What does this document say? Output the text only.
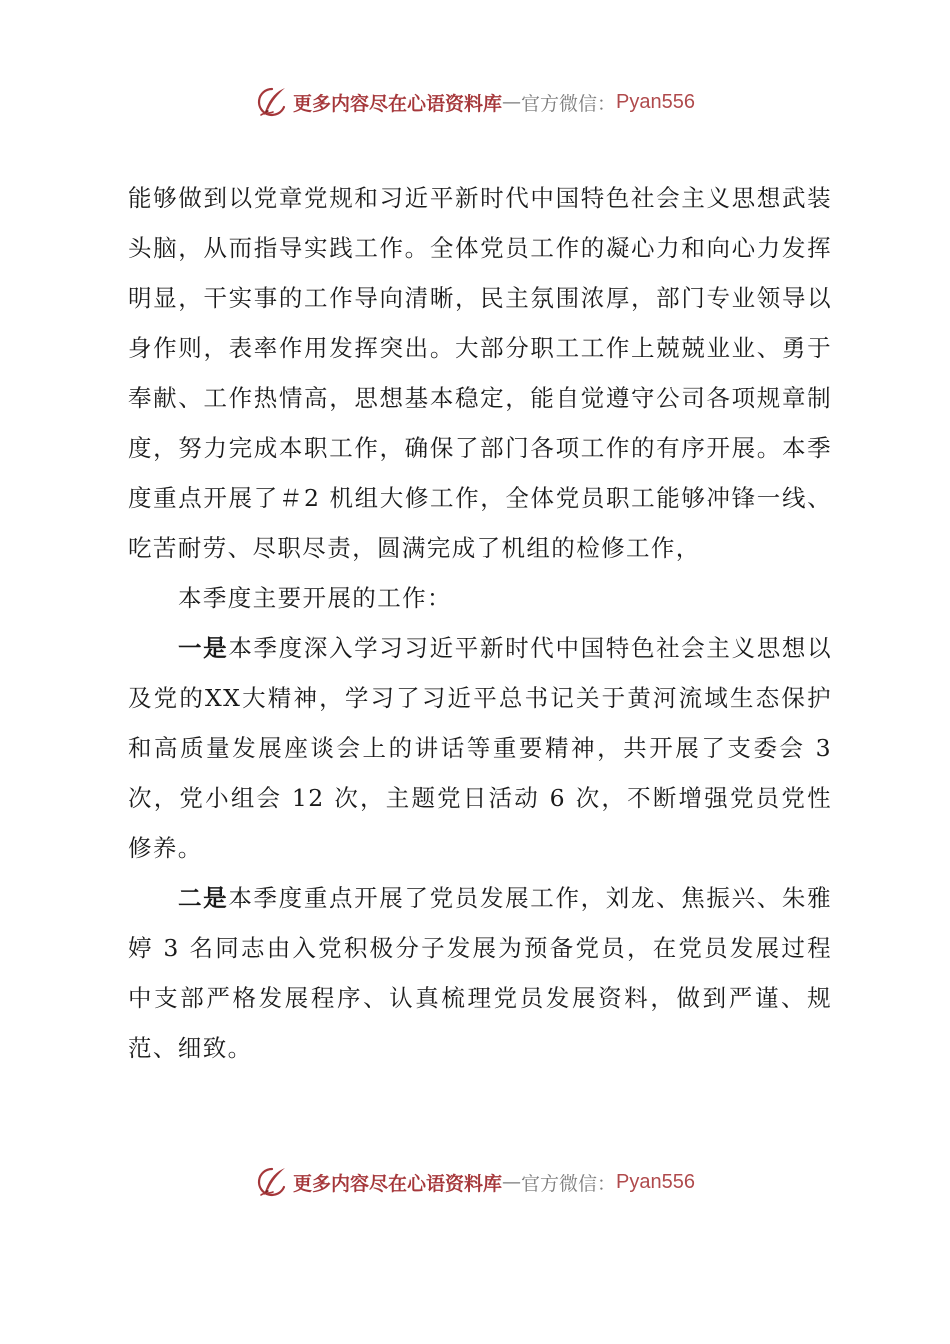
更多内容尽在心语资料库 — 官方微信： Pyan556

能够做到以党章党规和习近平新时代中国特色社会主义思想武装头脑，从而指导实践工作。全体党员工作的凝心力和向心力发挥明显，干实事的工作导向清晰，民主氛围浓厚，部门专业领导以身作则，表率作用发挥突出。大部分职工工作上兢兢业业、勇于奉献、工作热情高，思想基本稳定，能自觉遵守公司各项规章制度，努力完成本职工作，确保了部门各项工作的有序开展。本季度重点开展了＃2 机组大修工作，全体党员职工能够冲锋一线、吃苦耐劳、尽职尽责，圆满完成了机组的检修工作，

本季度主要开展的工作：

一是本季度深入学习习近平新时代中国特色社会主义思想以及党的XX大精神，学习了习近平总书记关于黄河流域生态保护和高质量发展座谈会上的讲话等重要精神，共开展了支委会 3 次，党小组会 12 次，主题党日活动 6 次，不断增强党员党性修养。

二是本季度重点开展了党员发展工作，刘龙、焦振兴、朱雅婷 3 名同志由入党积极分子发展为预备党员，在党员发展过程中支部严格发展程序、认真梳理党员发展资料，做到严谨、规范、细致。

更多内容尽在心语资料库 — 官方微信： Pyan556
